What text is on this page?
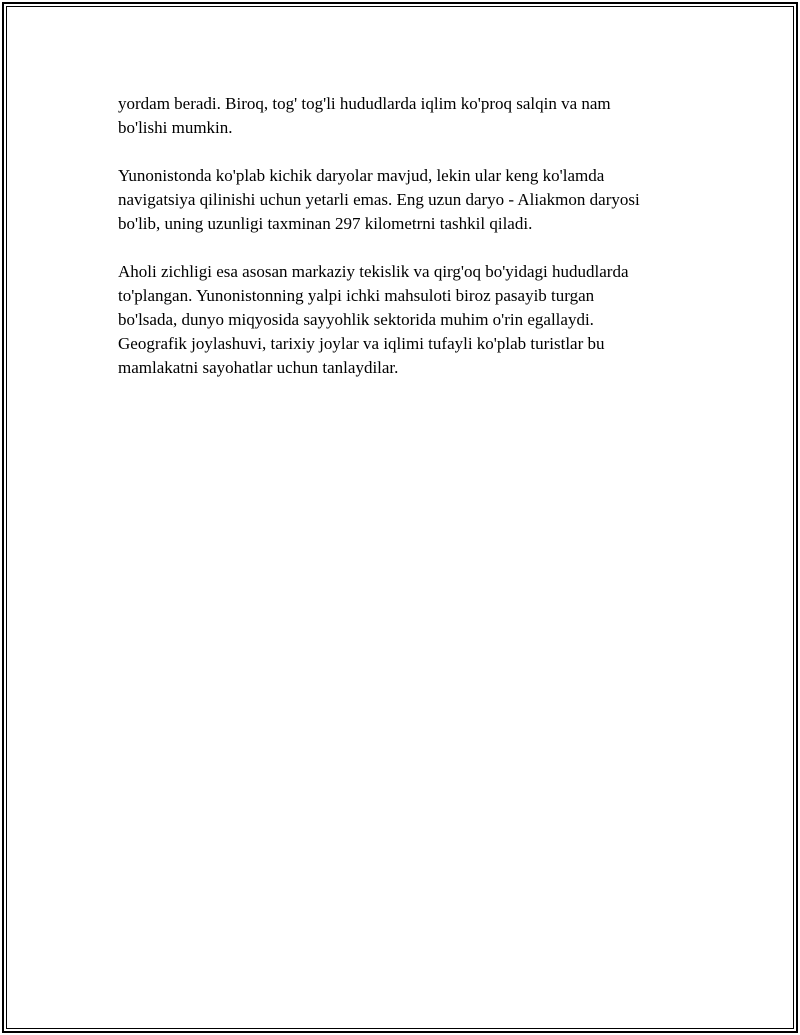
yordam beradi. Biroq, tog' tog'li hududlarda iqlim ko'proq salqin va nam
bo'lishi mumkin.

Yunonistonda ko'plab kichik daryolar mavjud, lekin ular keng ko'lamda
navigatsiya qilinishi uchun yetarli emas. Eng uzun daryo - Aliakmon daryosi
bo'lib, uning uzunligi taxminan 297 kilometrni tashkil qiladi.

Aholi zichligi esa asosan markaziy tekislik va qirg'oq bo'yidagi hududlarda
to'plangan. Yunonistonning yalpi ichki mahsuloti biroz pasayib turgan
bo'lsada, dunyo miqyosida sayyohlik sektorida muhim o'rin egallaydi.
Geografik joylashuvi, tarixiy joylar va iqlimi tufayli ko'plab turistlar bu
mamlakatni sayohatlar uchun tanlaydilar.
